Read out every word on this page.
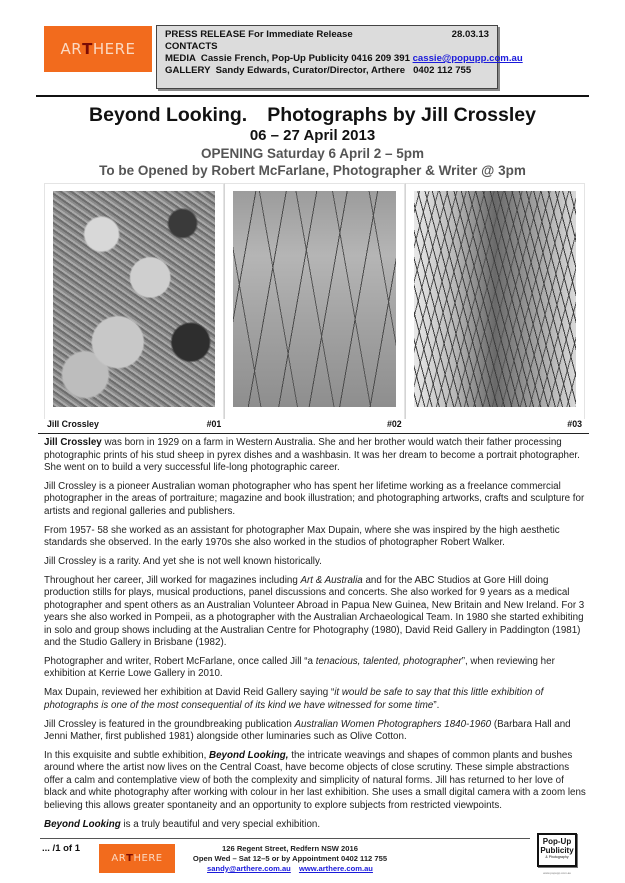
ARTHERE
PRESS RELEASE For Immediate Release	28.03.13
CONTACTS
MEDIA  Cassie French, Pop-Up Publicity 0416 209 391 cassie@popupp.com.au
GALLERY  Sandy Edwards, Curator/Director, Arthere   0402 112 755
Beyond Looking. Photographs by Jill Crossley
06 – 27 April 2013
OPENING Saturday 6 April 2 – 5pm
To be Opened by Robert McFarlane, Photographer & Writer @ 3pm
Jill Crossley	#01	#02	#03

Jill Crossley was born in 1929 on a farm in Western Australia. She and her brother would watch their father processing photographic prints of his stud sheep in pyrex dishes and a washbasin. It was her dream to become a portrait photographer. She went on to build a very successful life-long photographic career.

Jill Crossley is a pioneer Australian woman photographer who has spent her lifetime working as a freelance commercial photographer in the areas of portraiture; magazine and book illustration; and photographing artworks, crafts and sculpture for artists and regional galleries and publishers.

From 1957- 58 she worked as an assistant for photographer Max Dupain, where she was inspired by the high aesthetic standards she observed. In the early 1970s she also worked in the studios of photographer Robert Walker.

Jill Crossley is a rarity. And yet she is not well known historically.

Throughout her career, Jill worked for magazines including Art & Australia and for the ABC Studios at Gore Hill doing production stills for plays, musical productions, panel discussions and concerts. She also worked for 9 years as a medical photographer and spent others as an Australian Volunteer Abroad in Papua New Guinea, New Britain and New Ireland. For 3 years she also worked in Pompeii, as a photographer with the Australian Archaeological Team. In 1980 she started exhibiting in solo and group shows including at the Australian Centre for Photography (1980), David Reid Gallery in Paddington (1981) and the Studio Gallery in Brisbane (1982).

Photographer and writer, Robert McFarlane, once called Jill “a tenacious, talented, photographer”, when reviewing her exhibition at Kerrie Lowe Gallery in 2010.

Max Dupain, reviewed her exhibition at David Reid Gallery saying “it would be safe to say that this little exhibition of photographs is one of the most consequential of its kind we have witnessed for some time”.

Jill Crossley is featured in the groundbreaking publication Australian Women Photographers 1840-1960 (Barbara Hall and Jenni Mather, first published 1981) alongside other luminaries such as Olive Cotton.

In this exquisite and subtle exhibition, Beyond Looking, the intricate weavings and shapes of common plants and bushes around where the artist now lives on the Central Coast, have become objects of close scrutiny. These simple abstractions offer a calm and contemplative view of both the complexity and simplicity of natural forms. Jill has returned to her love of black and white photography after working with colour in her last exhibition. She uses a small digital camera with a zoom lens believing this allows greater spontaneity and an opportunity to explore subjects from restricted viewpoints.

Beyond Looking is a truly beautiful and very special exhibition.

... /1 of 1
ARTHERE
126 Regent Street, Redfern NSW 2016
Open Wed – Sat 12–5 or by Appointment 0402 112 755
sandy@arthere.com.au www.arthere.com.au
Pop-Up
Publicity
& Photography
www.popupp.com.au
